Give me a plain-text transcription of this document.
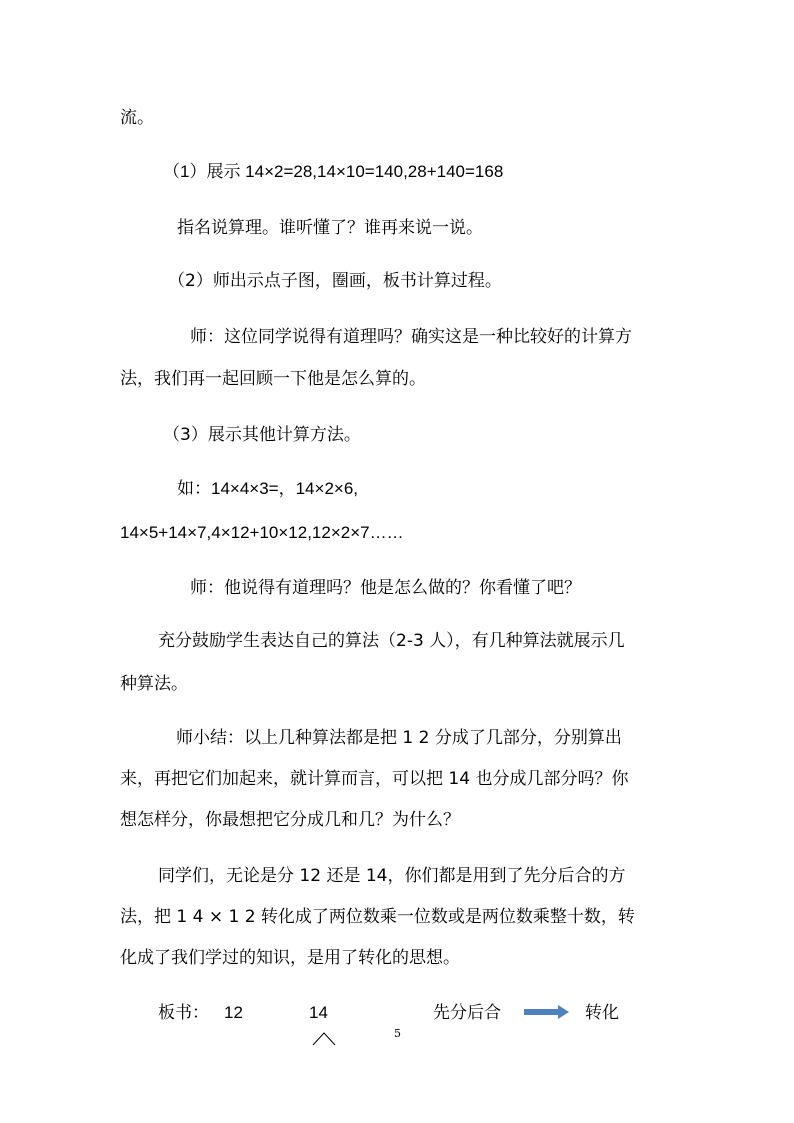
流。
（1）展示 14×2=28,14×10=140,28+140=168
指名说算理。谁听懂了？谁再来说一说。
（2）师出示点子图，圈画，板书计算过程。
师：这位同学说得有道理吗？确实这是一种比较好的计算方
法，我们再一起回顾一下他是怎么算的。
（3）展示其他计算方法。
如：14×4×3=，14×2×6,
14×5+14×7,4×12+10×12,12×2×7……
师：他说得有道理吗？他是怎么做的？你看懂了吧？
充分鼓励学生表达自己的算法（2-3 人），有几种算法就展示几
种算法。
师小结：以上几种算法都是把 1 2 分成了几部分，分别算出
来，再把它们加起来，就计算而言，可以把 14 也分成几部分吗？你
想怎样分，你最想把它分成几和几？为什么？
同学们，无论是分 12 还是 14，你们都是用到了先分后合的方
法，把 1 4 × 1 2 转化成了两位数乘一位数或是两位数乘整十数，转
化成了我们学过的知识，是用了转化的思想。
板书： 12	14	先分后合	转化
5
